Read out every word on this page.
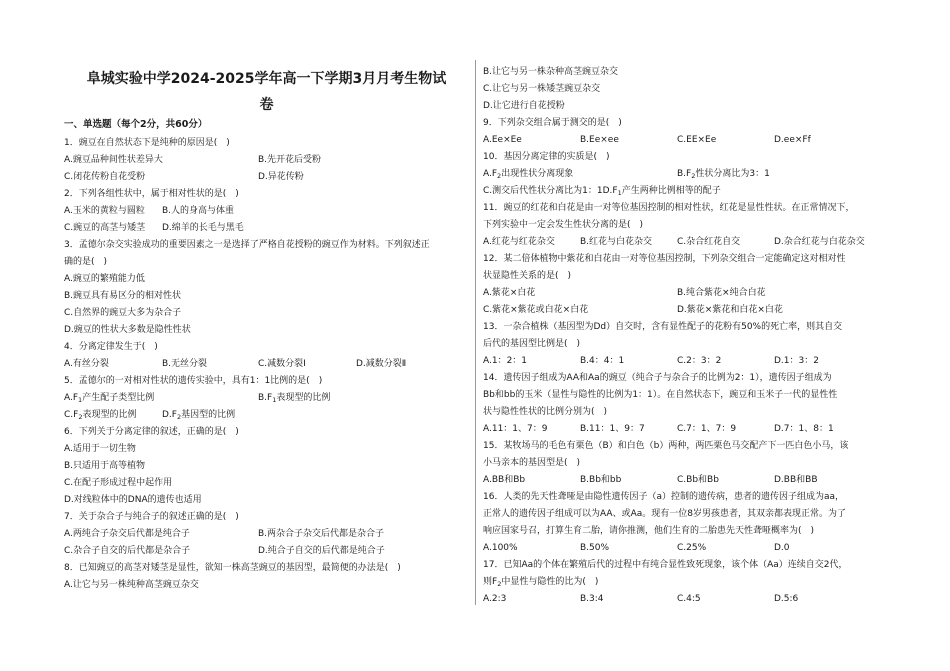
阜城实验中学2024-2025学年高一下学期3月月考生物试
卷
一、单选题（每个2分，共60分）
1．豌豆在自然状态下是纯种的原因是(　)
A.豌豆品种间性状差异大	B.先开花后受粉
C.闭花传粉自花受粉	D.异花传粉
2．下列各组性状中，属于相对性状的是(　)
A.玉米的黄粒与圆粒 B.人的身高与体重
C.豌豆的高茎与矮茎 D.绵羊的长毛与黑毛
3．孟德尔杂交实验成功的重要因素之一是选择了严格自花授粉的豌豆作为材料。下列叙述正
确的是(　)
A.豌豆的繁殖能力低
B.豌豆具有易区分的相对性状
C.自然界的豌豆大多为杂合子
D.豌豆的性状大多数是隐性性状
4．分离定律发生于(　)
A.有丝分裂	B.无丝分裂	C.减数分裂Ⅰ	D.减数分裂Ⅱ
5．孟德尔的一对相对性状的遗传实验中，具有1：1比例的是(　)
$A.F_1$产生配子类型比例	$B.F_1$表现型的比例
$C.F_2$表现型的比例	$D.F_2$基因型的比例
6．下列关于分离定律的叙述，正确的是(　)
A.适用于一切生物
B.只适用于高等植物
C.在配子形成过程中起作用
D.对线粒体中的DNA的遗传也适用
7．关于杂合子与纯合子的叙述正确的是(　)
A.两纯合子杂交后代都是纯合子	B.两杂合子杂交后代都是杂合子
C.杂合子自交的后代都是杂合子	D.纯合子自交的后代都是纯合子
8．已知豌豆的高茎对矮茎是显性，欲知一株高茎豌豆的基因型，最简便的办法是(　)
A.让它与另一株纯种高茎豌豆杂交
B.让它与另一株杂种高茎豌豆杂交
C.让它与另一株矮茎豌豆杂交
D.让它进行自花授粉
9．下列杂交组合属于测交的是(　)
A.Ee×Ee	B.Ee×ee	C.EE×Ee	D.ee×Ff
10．基因分离定律的实质是(　)
$A.F_2$出现性状分离现象	$B.F_2$性状分离比为3：1
C.测交后代性状分离比为1：$1D.F_1$产生两种比例相等的配子
11．豌豆的红花和白花是由一对等位基因控制的相对性状，红花是显性性状。在正常情况下，
下列实验中一定会发生性状分离的是(　)
A.红花与红花杂交	B.红花与白花杂交	C.杂合红花自交	D.杂合红花与白花杂交
12．某二倍体植物中紫花和白花由一对等位基因控制，下列杂交组合一定能确定这对相对性
状显隐性关系的是(　)
A.紫花×白花	B.纯合紫花×纯合白花
C.紫花×紫花或白花×白花	D.紫花×紫花和白花×白花
13．一杂合植株（基因型为Dd）自交时，含有显性配子的花粉有50%的死亡率，则其自交
后代的基因型比例是(　)
A.1：2：1	B.4：4：1	C.2：3：2	D.1：3：2
14．遗传因子组成为AA和Aa的豌豆（纯合子与杂合子的比例为2：1），遗传因子组成为
Bb和bb的玉米（显性与隐性的比例为1：1）。在自然状态下，豌豆和玉米子一代的显性性
状与隐性性状的比例分别为(　)
A.11：1、7：9	B.11：1、9：7	C.7：1、7：9	D.7：1、8：1
15．某牧场马的毛色有栗色（B）和白色（b）两种，两匹栗色马交配产下一匹白色小马，该
小马亲本的基因型是(　)
A.BB和Bb	B.Bb和bb	C.Bb和Bb	D.BB和BB
16．人类的先天性聋哑是由隐性遗传因子（a）控制的遗传病，患者的遗传因子组成为aa，
正常人的遗传因子组成可以为AA、或Aa。现有一位8岁男孩患者，其双亲都表现正常。为了
响应国家号召，打算生育二胎，请你推测，他们生育的二胎患先天性聋哑概率为(　)
A.100%	B.50%	C.25%	D.0
17．已知Aa的个体在繁殖后代的过程中有纯合显性致死现象，该个体（Aa）连续自交2代，
则$F_2$中显性与隐性的比为(　)
A.2:3	B.3:4	C.4:5	D.5:6
